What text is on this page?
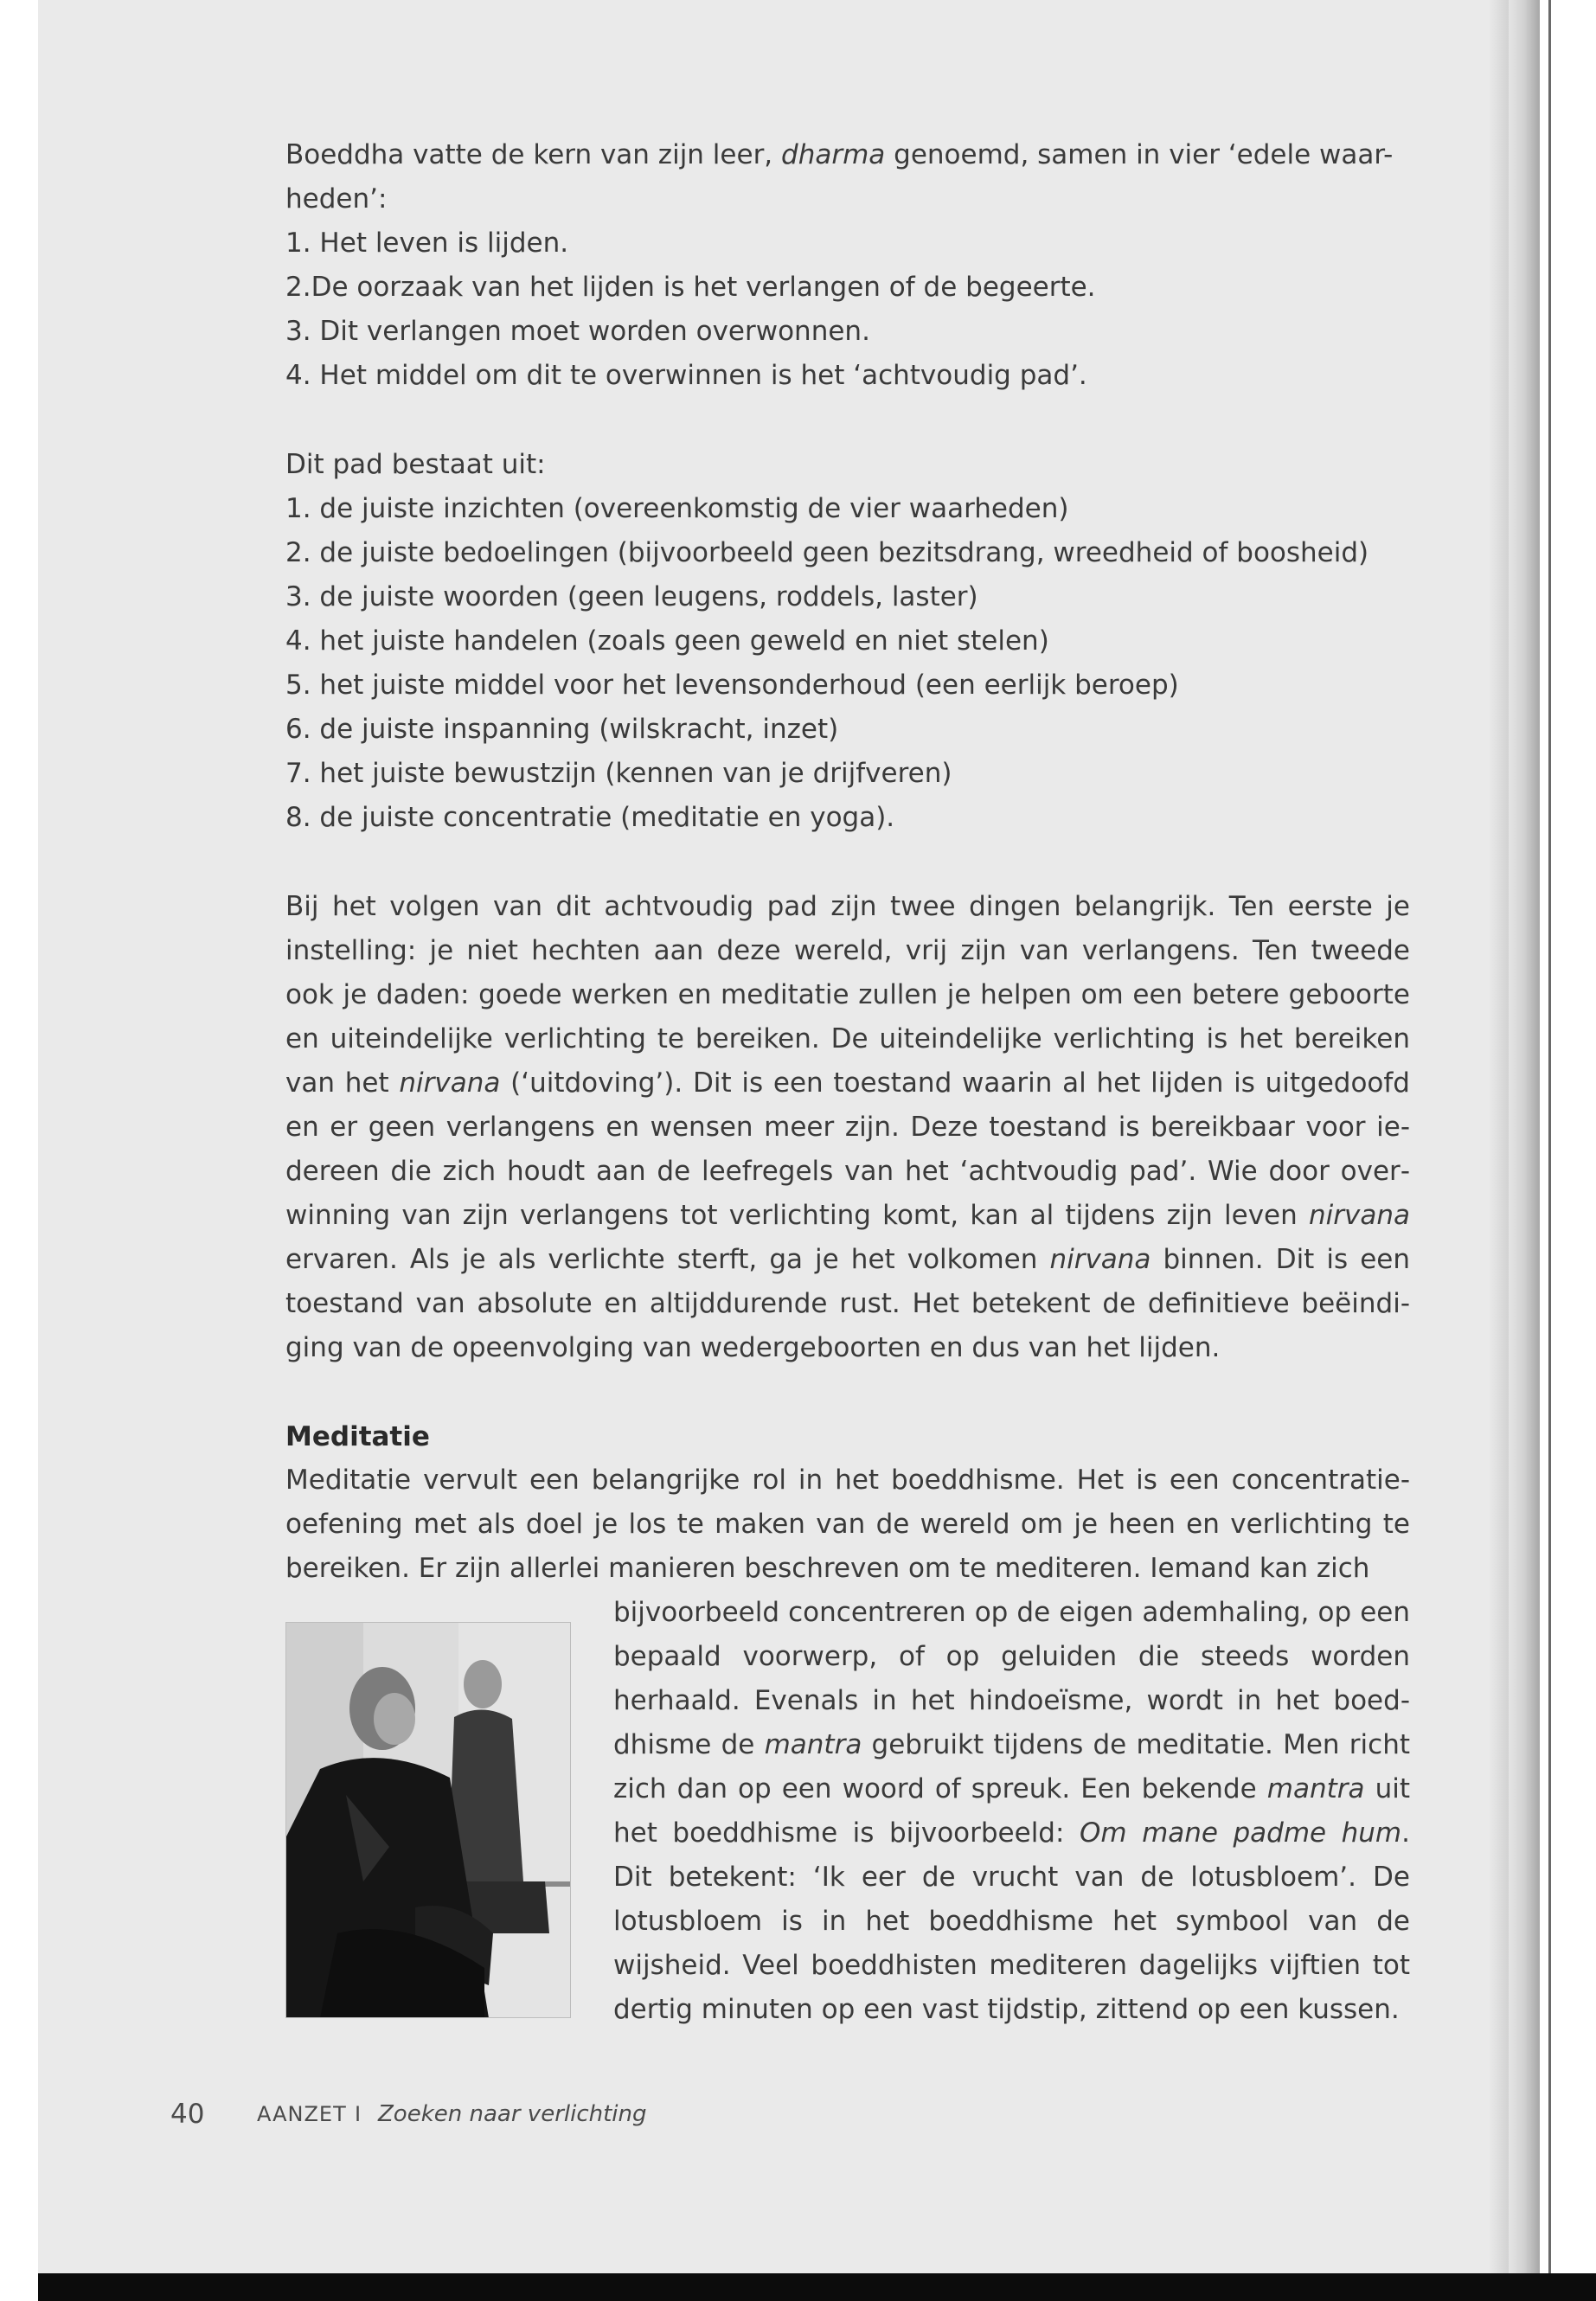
Boeddha vatte de kern van zijn leer, dharma genoemd, samen in vier ‘edele waar-
heden’:
1. Het leven is lijden.
2.De oorzaak van het lijden is het verlangen of de begeerte.
3. Dit verlangen moet worden overwonnen.
4. Het middel om dit te overwinnen is het ‘achtvoudig pad’.
Dit pad bestaat uit:
1. de juiste inzichten (overeenkomstig de vier waarheden)
2. de juiste bedoelingen (bijvoorbeeld geen bezitsdrang, wreedheid of boosheid)
3. de juiste woorden (geen leugens, roddels, laster)
4. het juiste handelen (zoals geen geweld en niet stelen)
5. het juiste middel voor het levensonderhoud (een eerlijk beroep)
6. de juiste inspanning (wilskracht, inzet)
7. het juiste bewustzijn (kennen van je drijfveren)
8. de juiste concentratie (meditatie en yoga).

Bij het volgen van dit achtvoudig pad zijn twee dingen belangrijk. Ten eerste je instelling: je niet hechten aan deze wereld, vrij zijn van verlangens. Ten tweede ook je daden: goede werken en meditatie zullen je helpen om een betere geboorte en uiteindelijke verlichting te bereiken. De uiteindelijke verlichting is het bereiken van het nirvana (‘uitdoving’). Dit is een toestand waarin al het lijden is uitgedoofd en er geen verlangens en wensen meer zijn. Deze toestand is bereikbaar voor iedereen die zich houdt aan de leefregels van het ‘achtvoudig pad’. Wie door overwinning van zijn verlangens tot verlichting komt, kan al tijdens zijn leven nirvana ervaren. Als je als verlichte sterft, ga je het volkomen nirvana binnen. Dit is een toestand van absolute en altijddurende rust. Het betekent de definitieve beëindiging van de opeenvolging van wedergeboorten en dus van het lijden.

Meditatie

Meditatie vervult een belangrijke rol in het boeddhisme. Het is een concentratieoefening met als doel je los te maken van de wereld om je heen en verlichting te bereiken. Er zijn allerlei manieren beschreven om te mediteren. Iemand kan zich

bijvoorbeeld concentreren op de eigen ademhaling, op een bepaald voorwerp, of op geluiden die steeds worden herhaald. Evenals in het hindoeïsme, wordt in het boeddhisme de mantra gebruikt tijdens de meditatie. Men richt zich dan op een woord of spreuk. Een bekende mantra uit het boeddhisme is bijvoorbeeld: Om mane padme hum. Dit betekent: ‘Ik eer de vrucht van de lotusbloem’. De lotusbloem is in het boeddhisme het symbool van de wijsheid. Veel boeddhisten mediteren dagelijks vijftien tot dertig minuten op een vast tijdstip, zittend op een kussen.

40	AANZET I Zoeken naar verlichting
